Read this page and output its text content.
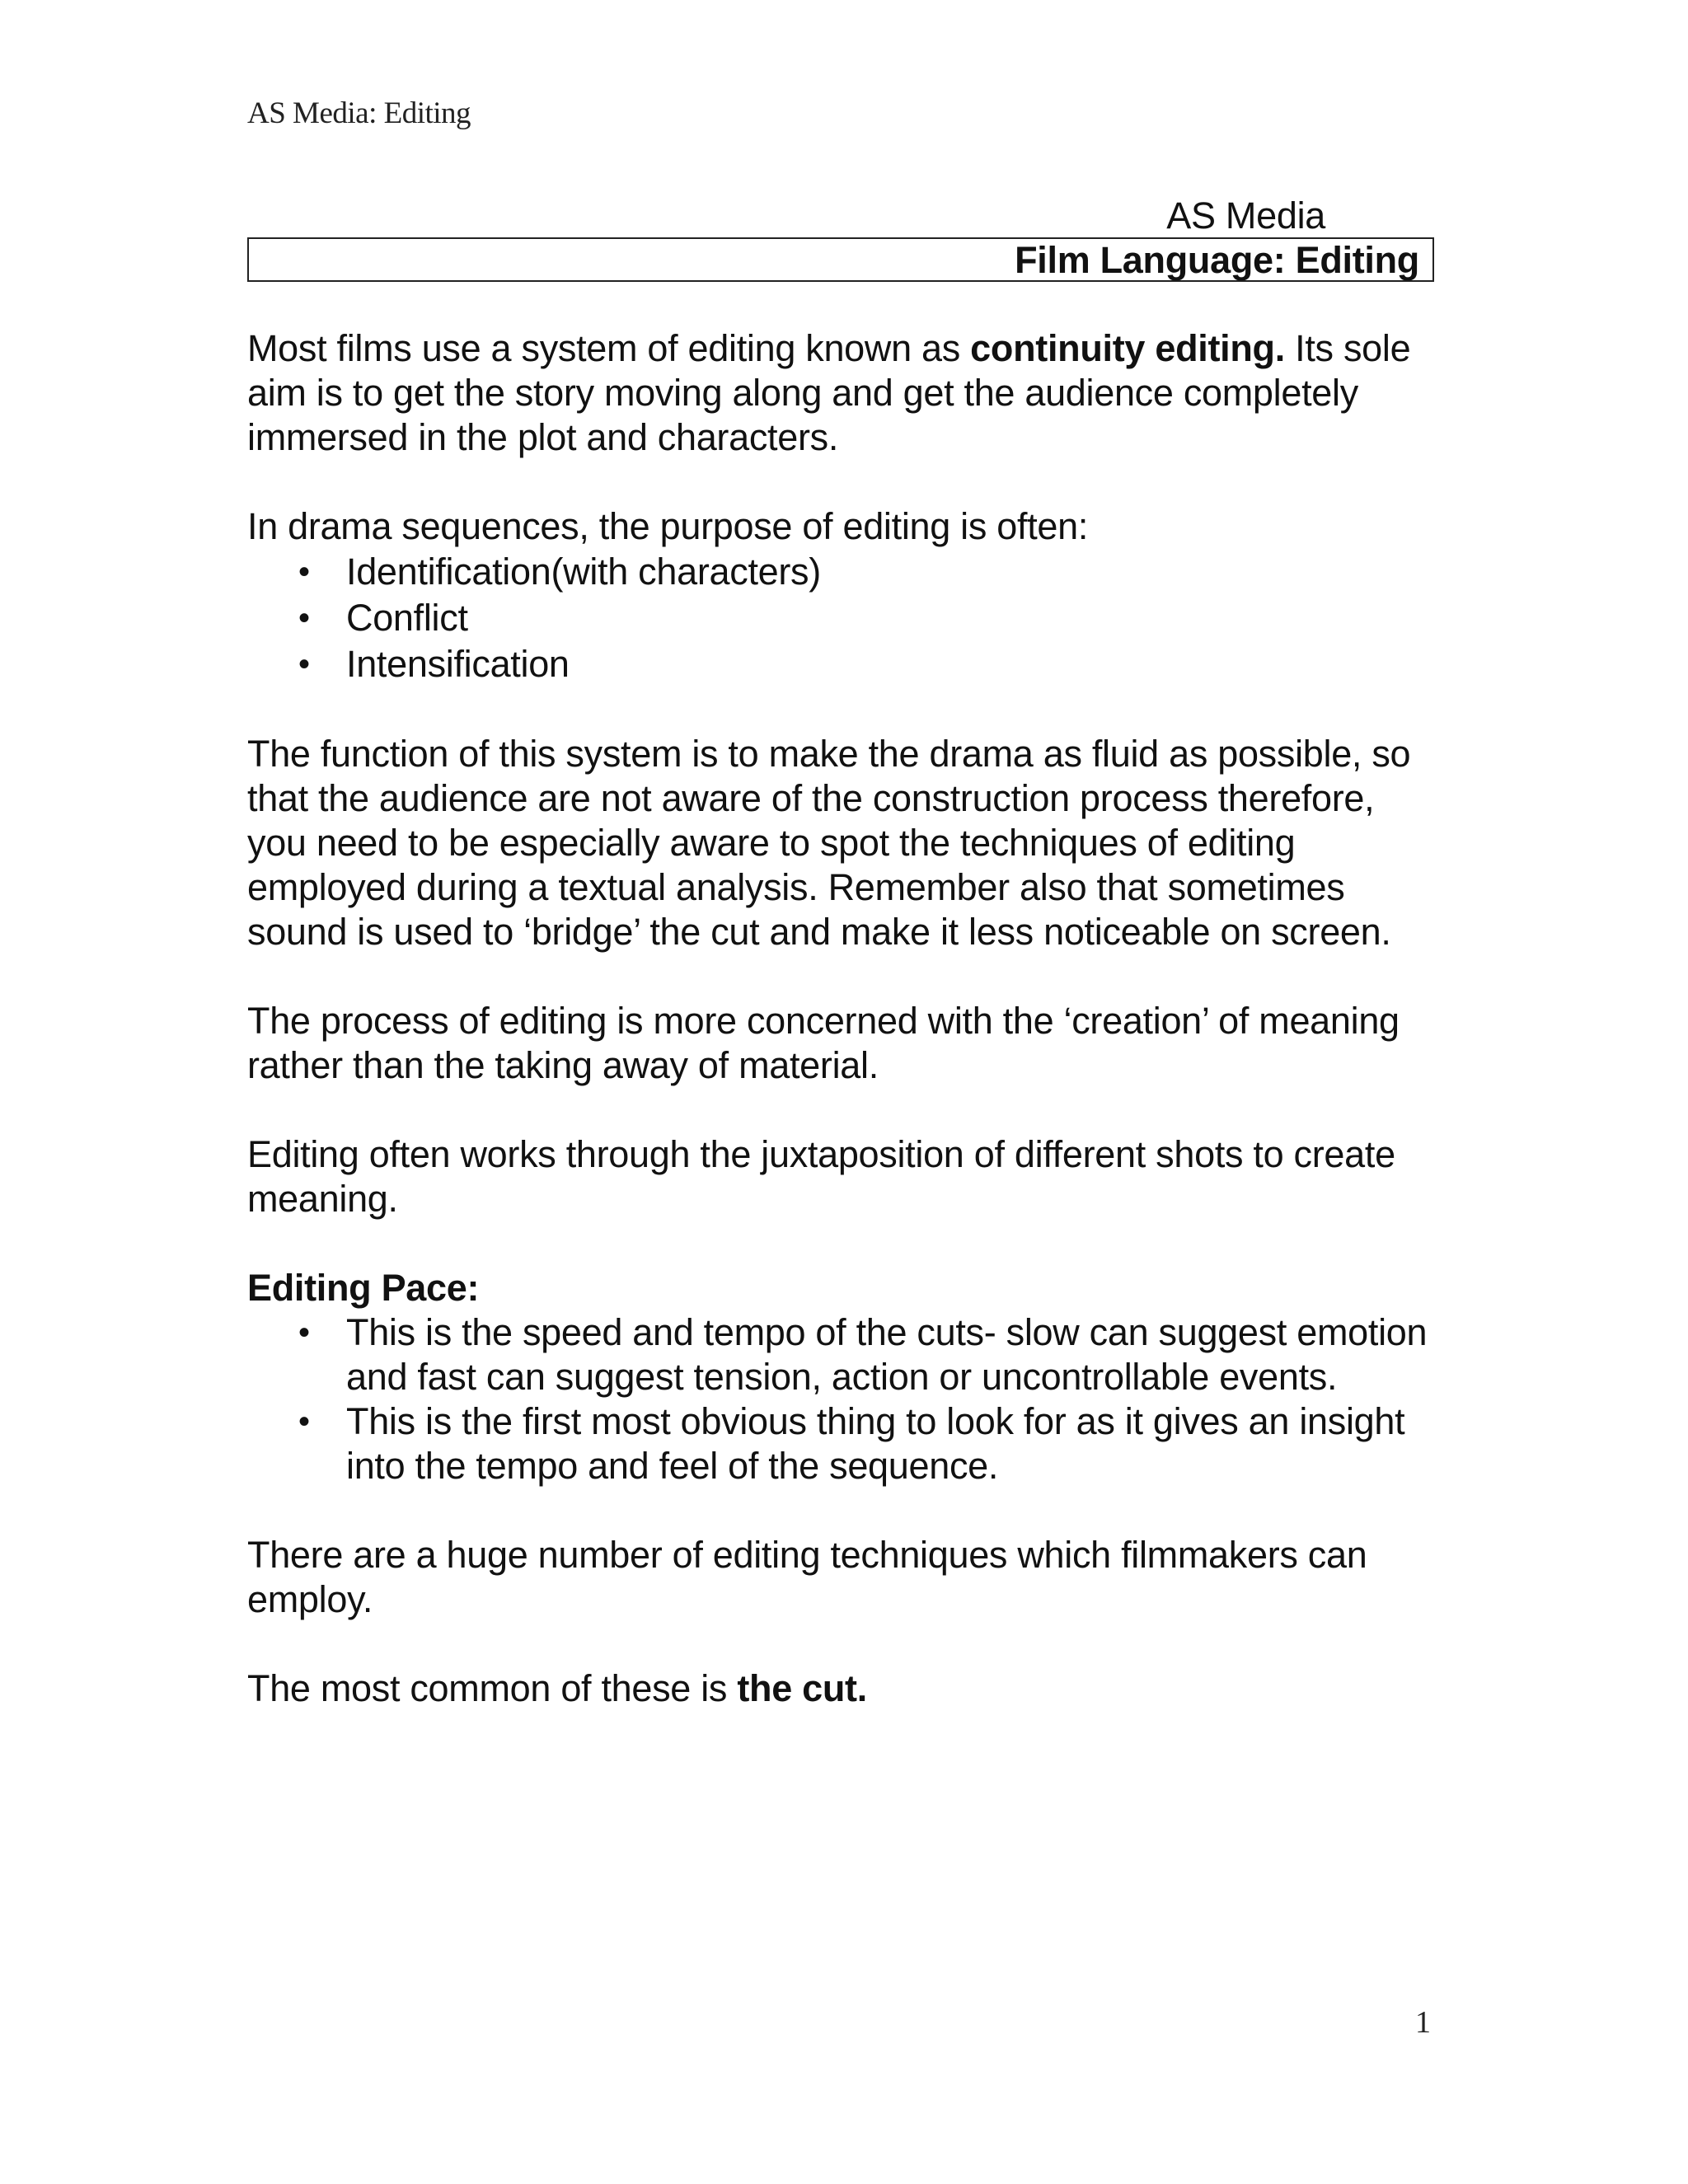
AS Media: Editing
AS Media
Film Language: Editing

Most films use a system of editing known as continuity editing. Its sole aim is to get the story moving along and get the audience completely immersed in the plot and characters.

In drama sequences, the purpose of editing is often:

• Identification(with characters)
• Conflict
• Intensification

The function of this system is to make the drama as fluid as possible, so that the audience are not aware of the construction process therefore, you need to be especially aware to spot the techniques of editing employed during a textual analysis. Remember also that sometimes sound is used to ‘bridge’ the cut and make it less noticeable on screen.

The process of editing is more concerned with the ‘creation’ of meaning rather than the taking away of material.

Editing often works through the juxtaposition of different shots to create meaning.

Editing Pace:

• This is the speed and tempo of the cuts- slow can suggest emotion and fast can suggest tension, action or uncontrollable events.
• This is the first most obvious thing to look for as it gives an insight into the tempo and feel of the sequence.

There are a huge number of editing techniques which filmmakers can employ.

The most common of these is the cut.

1
